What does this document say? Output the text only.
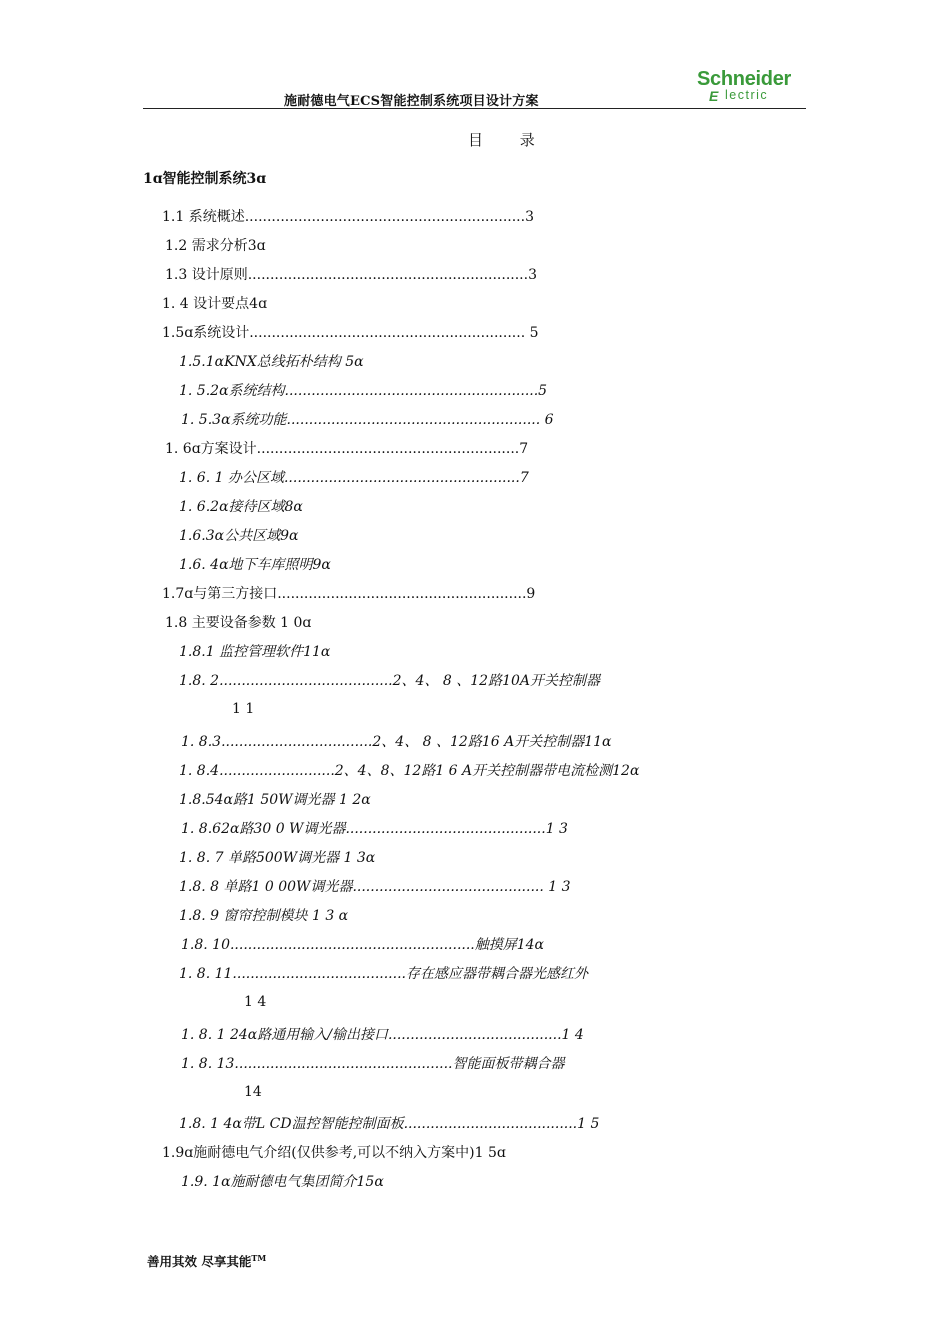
施耐德电气ECS智能控制系统项目设计方案
Schneider
E lectric
目 录
1ɑ智能控制系统3ɑ
1.1 系统概述...............................................................3
1.2 需求分析3ɑ
1.3 设计原则...............................................................3
1. 4 设计要点4ɑ
1.5ɑ系统设计.............................................................. 5
1.5.1ɑKNX总线拓朴结构 5ɑ
1. 5.2ɑ系统结构.........................................................5
1. 5.3ɑ系统功能......................................................... 6
1. 6ɑ方案设计...........................................................7
1. 6. 1 办公区域.....................................................7
1. 6.2ɑ接待区域8ɑ
1.6.3ɑ公共区域9ɑ
1.6. 4ɑ地下车库照明9ɑ
1.7ɑ与第三方接口........................................................9
1.8 主要设备参数 1 0ɑ
1.8.1 监控管理软件11ɑ
1.8. 2.......................................2、4、 8 、12路10A开关控制器
1 1
1. 8.3..................................2、4、 8 、12路16 A开关控制器11ɑ
1. 8.4..........................2、4、8、12路1 6 A开关控制器带电流检测12ɑ
1.8.54ɑ路1 50W调光器 1 2ɑ
1. 8.62ɑ路30 0 W调光器.............................................1 3
1. 8. 7 单路500W调光器 1 3ɑ
1.8. 8 单路1 0 00W调光器........................................... 1 3
1.8. 9 窗帘控制模块 1 3 ɑ
1.8. 10.......................................................触摸屏14ɑ
1. 8. 11.......................................存在感应器带耦合器光感红外
1 4
1. 8. 1 24ɑ路通用输入/输出接口.......................................1 4
1. 8. 13.................................................智能面板带耦合器
14
1.8. 1 4ɑ带L CD温控智能控制面板.......................................1 5
1.9ɑ施耐德电气介绍(仅供参考,可以不纳入方案中)1 5ɑ
1.9. 1ɑ施耐德电气集团简介15ɑ
善用其效 尽享其能™
